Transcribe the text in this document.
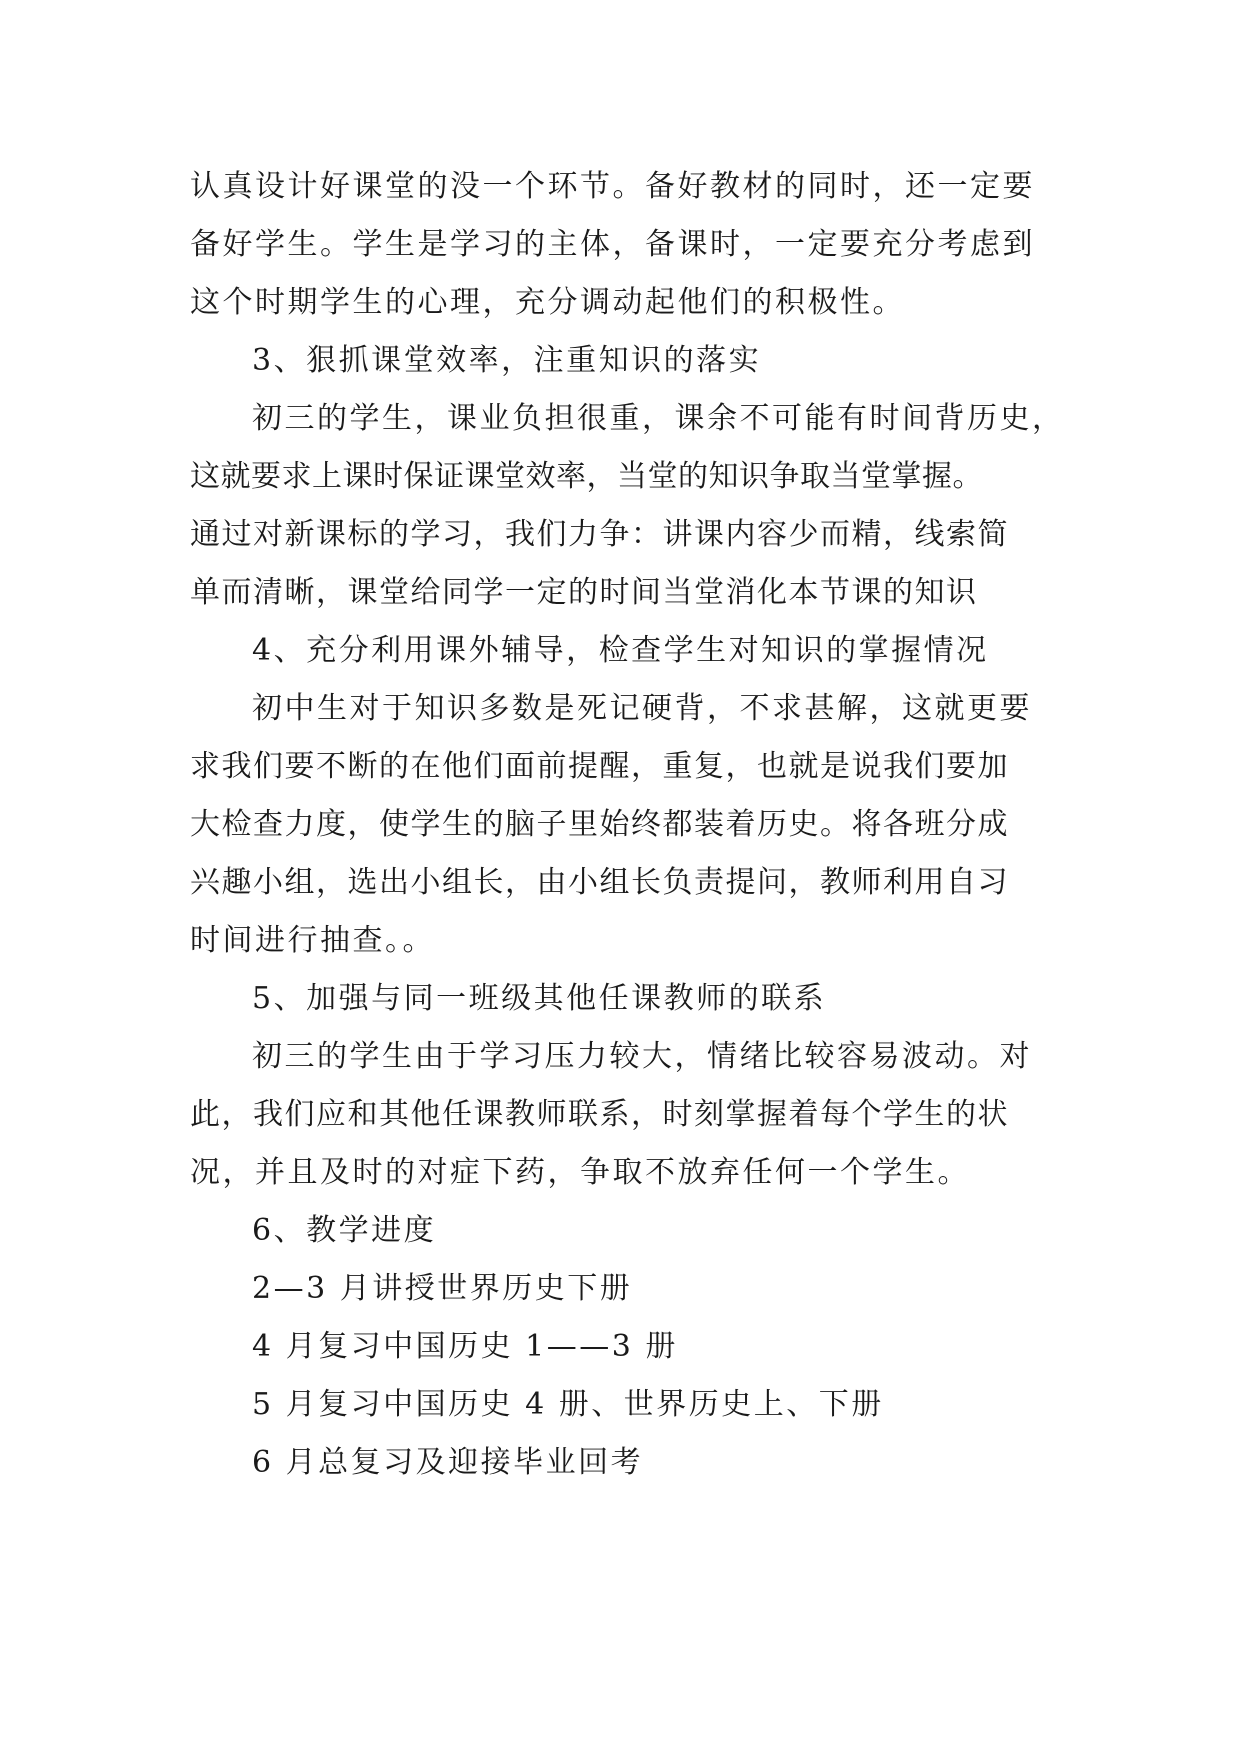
认真设计好课堂的没一个环节。备好教材的同时，还一定要
备好学生。学生是学习的主体，备课时，一定要充分考虑到
这个时期学生的心理，充分调动起他们的积极性。
3、狠抓课堂效率，注重知识的落实
初三的学生，课业负担很重，课余不可能有时间背历史，
这就要求上课时保证课堂效率，当堂的知识争取当堂掌握。
通过对新课标的学习，我们力争：讲课内容少而精，线索简
单而清晰，课堂给同学一定的时间当堂消化本节课的知识
4、充分利用课外辅导，检查学生对知识的掌握情况
初中生对于知识多数是死记硬背，不求甚解，这就更要
求我们要不断的在他们面前提醒，重复，也就是说我们要加
大检查力度，使学生的脑子里始终都装着历史。将各班分成
兴趣小组，选出小组长，由小组长负责提问，教师利用自习
时间进行抽查。。
5、加强与同一班级其他任课教师的联系
初三的学生由于学习压力较大，情绪比较容易波动。对
此，我们应和其他任课教师联系，时刻掌握着每个学生的状
况，并且及时的对症下药，争取不放弃任何一个学生。
6、教学进度
2—3 月讲授世界历史下册
4 月复习中国历史 1——3 册
5 月复习中国历史 4 册、世界历史上、下册
6 月总复习及迎接毕业回考
